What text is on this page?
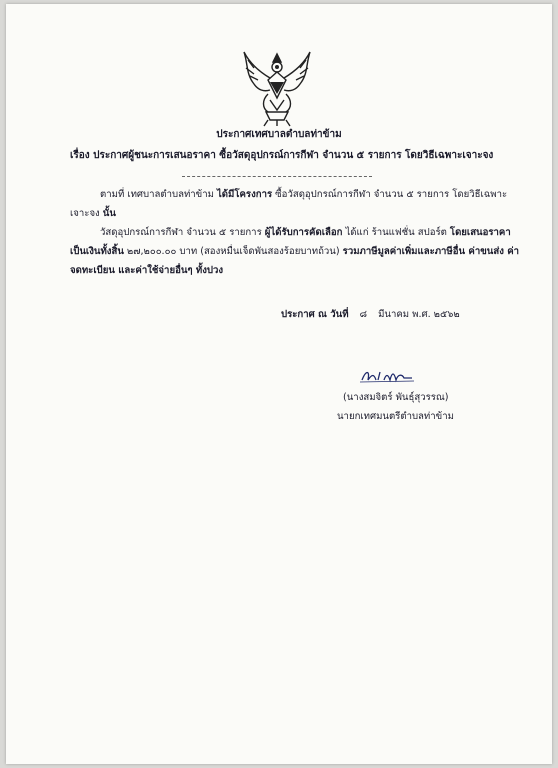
ประกาศเทศบาลตำบลท่าข้าม
เรื่อง ประกาศผู้ชนะการเสนอราคา ซื้อวัสดุอุปกรณ์การกีฬา จำนวน ๕ รายการ โดยวิธีเฉพาะเจาะจง
ตามที่ เทศบาลตำบลท่าข้าม ได้มีโครงการ ซื้อวัสดุอุปกรณ์การกีฬา จำนวน ๕ รายการ โดยวิธีเฉพาะ
เจาะจง นั้น
วัสดุอุปกรณ์การกีฬา จำนวน ๕ รายการ ผู้ได้รับการคัดเลือก ได้แก่ ร้านแฟชั่น สปอร์ต โดยเสนอราคา
เป็นเงินทั้งสิ้น ๒๗,๒๐๐.๐๐ บาท (สองหมื่นเจ็ดพันสองร้อยบาทถ้วน) รวมภาษีมูลค่าเพิ่มและภาษีอื่น ค่าขนส่ง ค่า
จดทะเบียน และค่าใช้จ่ายอื่นๆ ทั้งปวง
ประกาศ ณ วันที่ ๘ มีนาคม พ.ศ. ๒๕๖๒
(นางสมจิตร์ พันธุ์สุวรรณ)
นายกเทศมนตรีตำบลท่าข้าม
